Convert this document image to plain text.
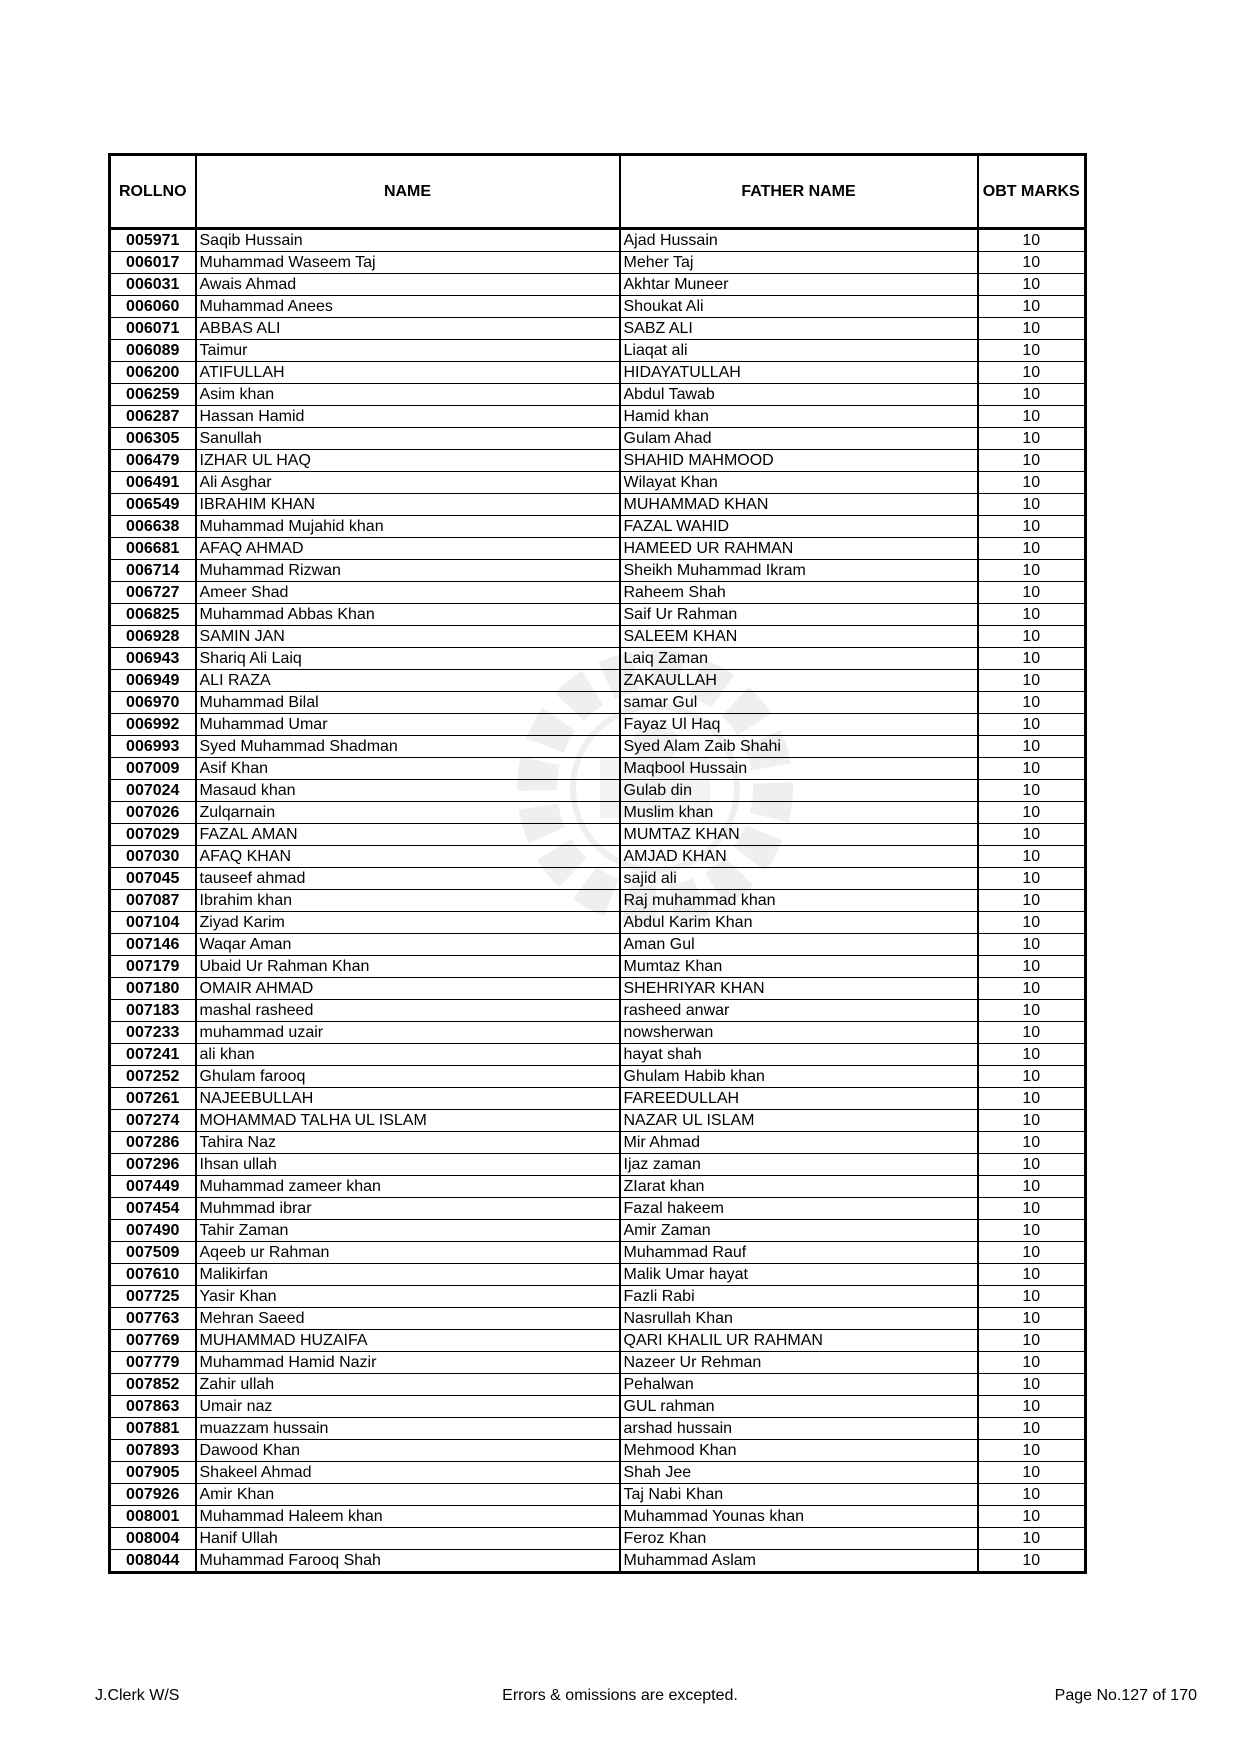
ROLLNO	NAME	FATHER NAME	OBT MARKS
005971	Saqib Hussain	Ajad Hussain	10
006017	Muhammad Waseem Taj	Meher Taj	10
006031	Awais Ahmad	Akhtar Muneer	10
006060	Muhammad Anees	Shoukat Ali	10
006071	ABBAS ALI	SABZ ALI	10
006089	Taimur	Liaqat ali	10
006200	ATIFULLAH	HIDAYATULLAH	10
006259	Asim khan	Abdul Tawab	10
006287	Hassan Hamid	Hamid khan	10
006305	Sanullah	Gulam Ahad	10
006479	IZHAR UL HAQ	SHAHID MAHMOOD	10
006491	Ali Asghar	Wilayat Khan	10
006549	IBRAHIM KHAN	MUHAMMAD KHAN	10
006638	Muhammad Mujahid khan	FAZAL WAHID	10
006681	AFAQ AHMAD	HAMEED UR RAHMAN	10
006714	Muhammad Rizwan	Sheikh Muhammad Ikram	10
006727	Ameer Shad	Raheem Shah	10
006825	Muhammad Abbas Khan	Saif Ur Rahman	10
006928	SAMIN JAN	SALEEM KHAN	10
006943	Shariq Ali Laiq	Laiq Zaman	10
006949	ALI RAZA	ZAKAULLAH	10
006970	Muhammad Bilal	samar Gul	10
006992	Muhammad Umar	Fayaz Ul Haq	10
006993	Syed Muhammad Shadman	Syed Alam Zaib Shahi	10
007009	Asif Khan	Maqbool Hussain	10
007024	Masaud khan	Gulab din	10
007026	Zulqarnain	Muslim khan	10
007029	FAZAL AMAN	MUMTAZ KHAN	10
007030	AFAQ KHAN	AMJAD KHAN	10
007045	tauseef ahmad	sajid ali	10
007087	Ibrahim khan	Raj muhammad khan	10
007104	Ziyad Karim	Abdul Karim Khan	10
007146	Waqar Aman	Aman Gul	10
007179	Ubaid Ur Rahman Khan	Mumtaz Khan	10
007180	OMAIR AHMAD	SHEHRIYAR KHAN	10
007183	mashal rasheed	rasheed anwar	10
007233	muhammad uzair	nowsherwan	10
007241	ali khan	hayat shah	10
007252	Ghulam farooq	Ghulam Habib khan	10
007261	NAJEEBULLAH	FAREEDULLAH	10
007274	MOHAMMAD TALHA UL ISLAM	NAZAR UL ISLAM	10
007286	Tahira Naz	Mir Ahmad	10
007296	Ihsan ullah	Ijaz zaman	10
007449	Muhammad zameer khan	ZIarat khan	10
007454	Muhmmad ibrar	Fazal hakeem	10
007490	Tahir Zaman	Amir Zaman	10
007509	Aqeeb ur Rahman	Muhammad Rauf	10
007610	Malikirfan	Malik Umar hayat	10
007725	Yasir Khan	Fazli Rabi	10
007763	Mehran Saeed	Nasrullah Khan	10
007769	MUHAMMAD HUZAIFA	QARI KHALIL UR RAHMAN	10
007779	Muhammad Hamid Nazir	Nazeer Ur Rehman	10
007852	Zahir ullah	Pehalwan	10
007863	Umair naz	GUL rahman	10
007881	muazzam hussain	arshad hussain	10
007893	Dawood Khan	Mehmood Khan	10
007905	Shakeel Ahmad	Shah Jee	10
007926	Amir Khan	Taj Nabi Khan	10
008001	Muhammad Haleem khan	Muhammad Younas khan	10
008004	Hanif Ullah	Feroz Khan	10
008044	Muhammad Farooq Shah	Muhammad Aslam	10
J.Clerk W/S	Errors & omissions are excepted.	Page No.127 of 170
